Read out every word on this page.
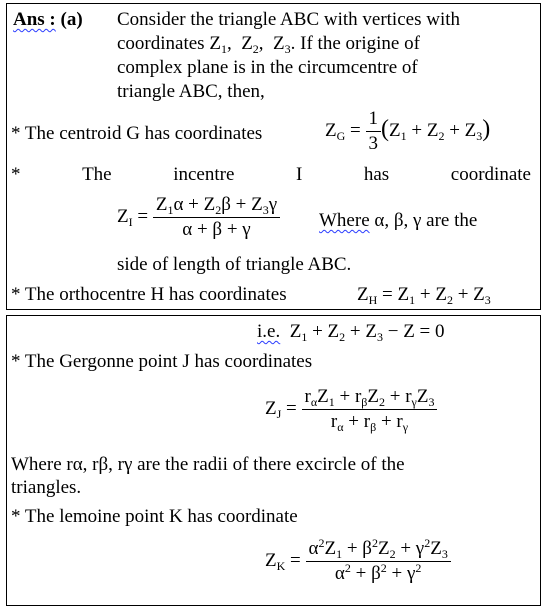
Ans : (a) Consider the triangle ABC with vertices with
coordinates $Z_1$,  $Z_2$,  $Z_3$. If the origine of
complex plane is in the circumcentre of
triangle ABC, then,
* The centroid G has coordinates	$Z_G = \frac{1}{3} (Z_1 + Z_2 + Z_3)$
*	The	incentre	I	has	coordinate
$Z_I = \frac{Z_1\alpha + Z_2\beta + Z_3\gamma}{\alpha + \beta + \gamma}$ Where α, β, γ are the
side of length of triangle ABC.
* The orthocentre H has coordinates	$Z_H = Z_1 + Z_2 + Z_3$
i.e.  $Z_1 + Z_2 + Z_3 - Z = 0$
* The Gergonne point J has coordinates
$Z_J = \frac{r_\alpha Z_1 + r_\beta Z_2 + r_\gamma Z_3}{r_\alpha + r_\beta + r_\gamma}$
Where rα, rβ, rγ are the radii of there excircle of the
triangles.
* The lemoine point K has coordinate
$Z_K = \frac{\alpha^2Z_1 + \beta^2Z_2 + \gamma^2Z_3}{\alpha^2 + \beta^2 + \gamma^2}$
